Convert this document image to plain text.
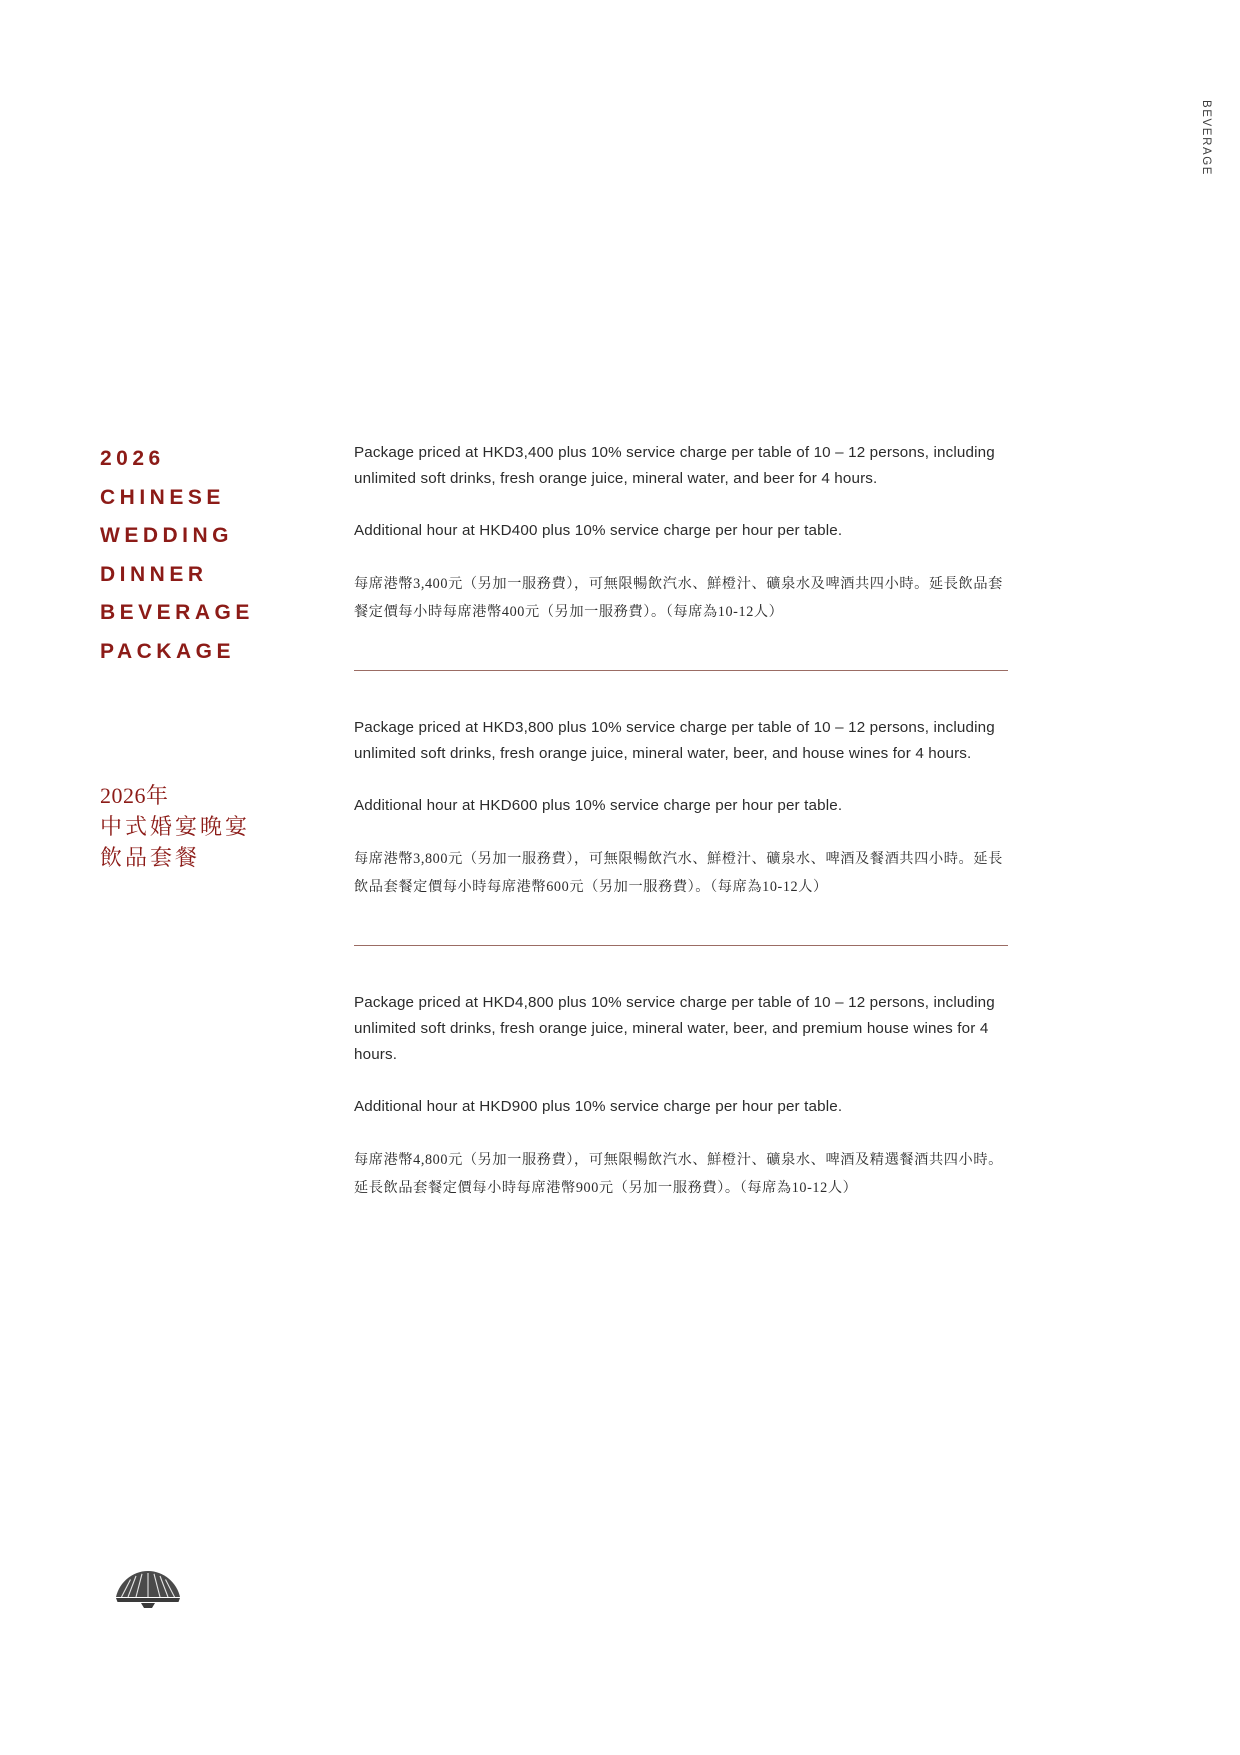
BEVERAGE
2026
CHINESE
WEDDING
DINNER
BEVERAGE
PACKAGE
2026年
中式婚宴晚宴
飲品套餐

Package priced at HKD3,400 plus 10% service charge per table of 10 – 12 persons, including unlimited soft drinks, fresh orange juice, mineral water, and beer for 4 hours.

Additional hour at HKD400 plus 10% service charge per hour per table.

每席港幣3,400元（另加一服務費），可無限暢飲汽水、鮮橙汁、礦泉水及啤酒共四小時。延長飲品套餐定價每小時每席港幣400元（另加一服務費）。（每席為10-12人）

Package priced at HKD3,800 plus 10% service charge per table of 10 – 12 persons, including unlimited soft drinks, fresh orange juice, mineral water, beer, and house wines for 4 hours.

Additional hour at HKD600 plus 10% service charge per hour per table.

每席港幣3,800元（另加一服務費），可無限暢飲汽水、鮮橙汁、礦泉水、啤酒及餐酒共四小時。延長飲品套餐定價每小時每席港幣600元（另加一服務費）。（每席為10-12人）

Package priced at HKD4,800 plus 10% service charge per table of 10 – 12 persons, including unlimited soft drinks, fresh orange juice, mineral water, beer, and premium house wines for 4 hours.

Additional hour at HKD900 plus 10% service charge per hour per table.

每席港幣4,800元（另加一服務費），可無限暢飲汽水、鮮橙汁、礦泉水、啤酒及精選餐酒共四小時。延長飲品套餐定價每小時每席港幣900元（另加一服務費）。（每席為10-12人）
